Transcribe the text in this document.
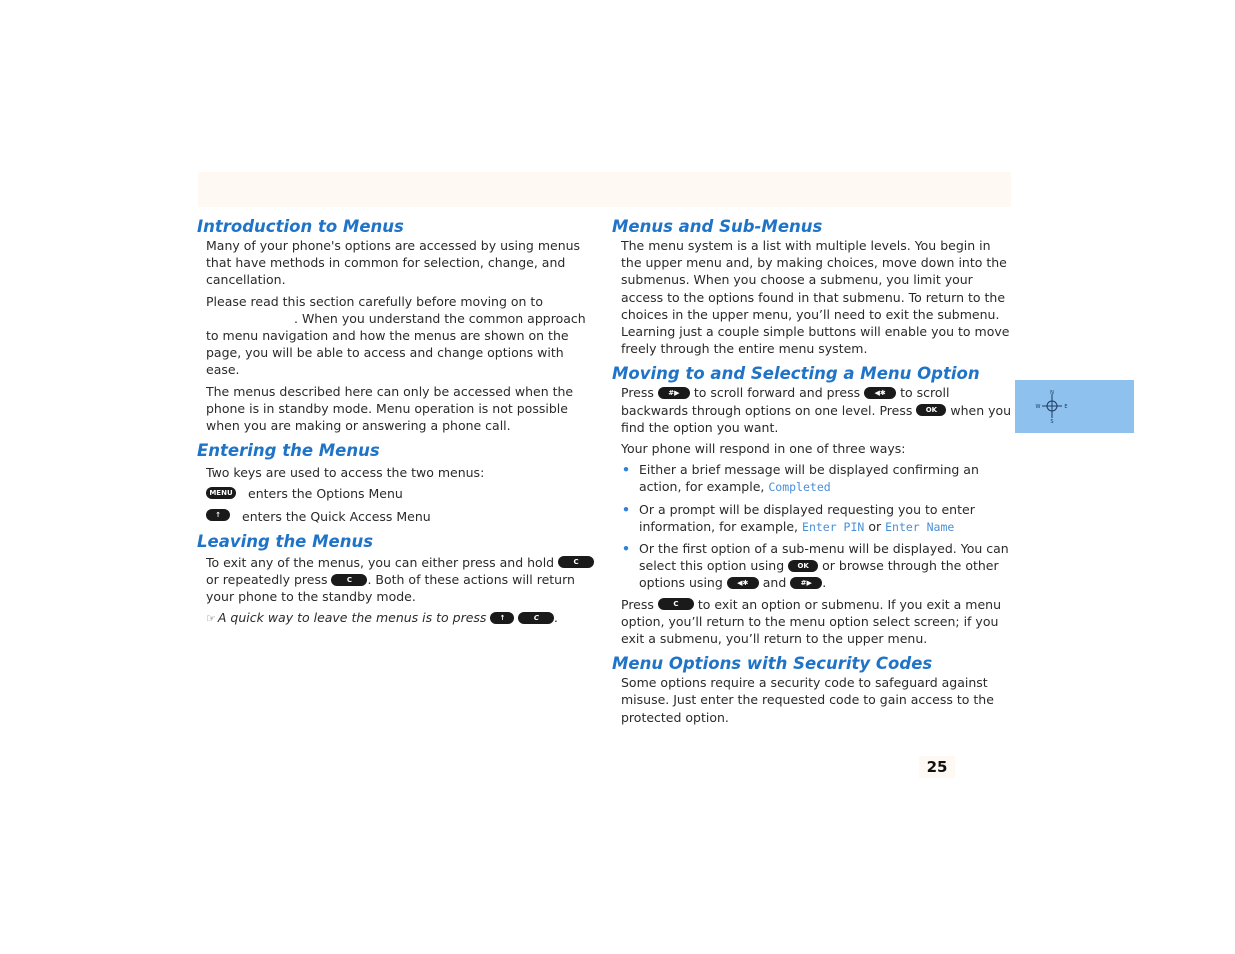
Introduction to Menus

Many of your phone's options are accessed by using menus that have methods in common for selection, change, and cancellation.

Please read this section carefully before moving on to
. When you understand the common approach to menu navigation and how the menus are shown on the page, you will be able to access and change options with ease.

The menus described here can only be accessed when the phone is in standby mode. Menu operation is not possible when you are making or answering a phone call.

Entering the Menus

Two keys are used to access the two menus:

MENU enters the Options Menu
↑	enters the Quick Access Menu
Leaving the Menus

To exit any of the menus, you can either press and hold	C or repeatedly press	C . Both of these actions will return your phone to the standby mode.

☞ A quick way to leave the menus is to press ↑	C .

Menus and Sub-Menus

The menu system is a list with multiple levels. You begin in the upper menu and, by making choices, move down into the submenus. When you choose a submenu, you limit your access to the options found in that submenu. To return to the choices in the upper menu, you’ll need to exit the submenu. Learning just a couple simple buttons will enable you to move freely through the entire menu system.

Moving to and Selecting a Menu Option

Press #▶ to scroll forward and press ◀✱ to scroll backwards through options on one level. Press OK when you find the option you want.

Your phone will respond in one of three ways:

• Either a brief message will be displayed confirming an action, for example, Completed
• Or a prompt will be displayed requesting you to enter information, for example, Enter PIN or Enter Name
• Or the first option of a sub-menu will be displayed. You can select this option using OK or browse through the other options using ◀✱ and #▶ .

Press	C to exit an option or submenu. If you exit a menu option, you’ll return to the menu option select screen; if you exit a submenu, you’ll return to the upper menu.

Menu Options with Security Codes

Some options require a security code to safeguard against misuse. Just enter the requested code to gain access to the protected option.

N
S
E
W
25
